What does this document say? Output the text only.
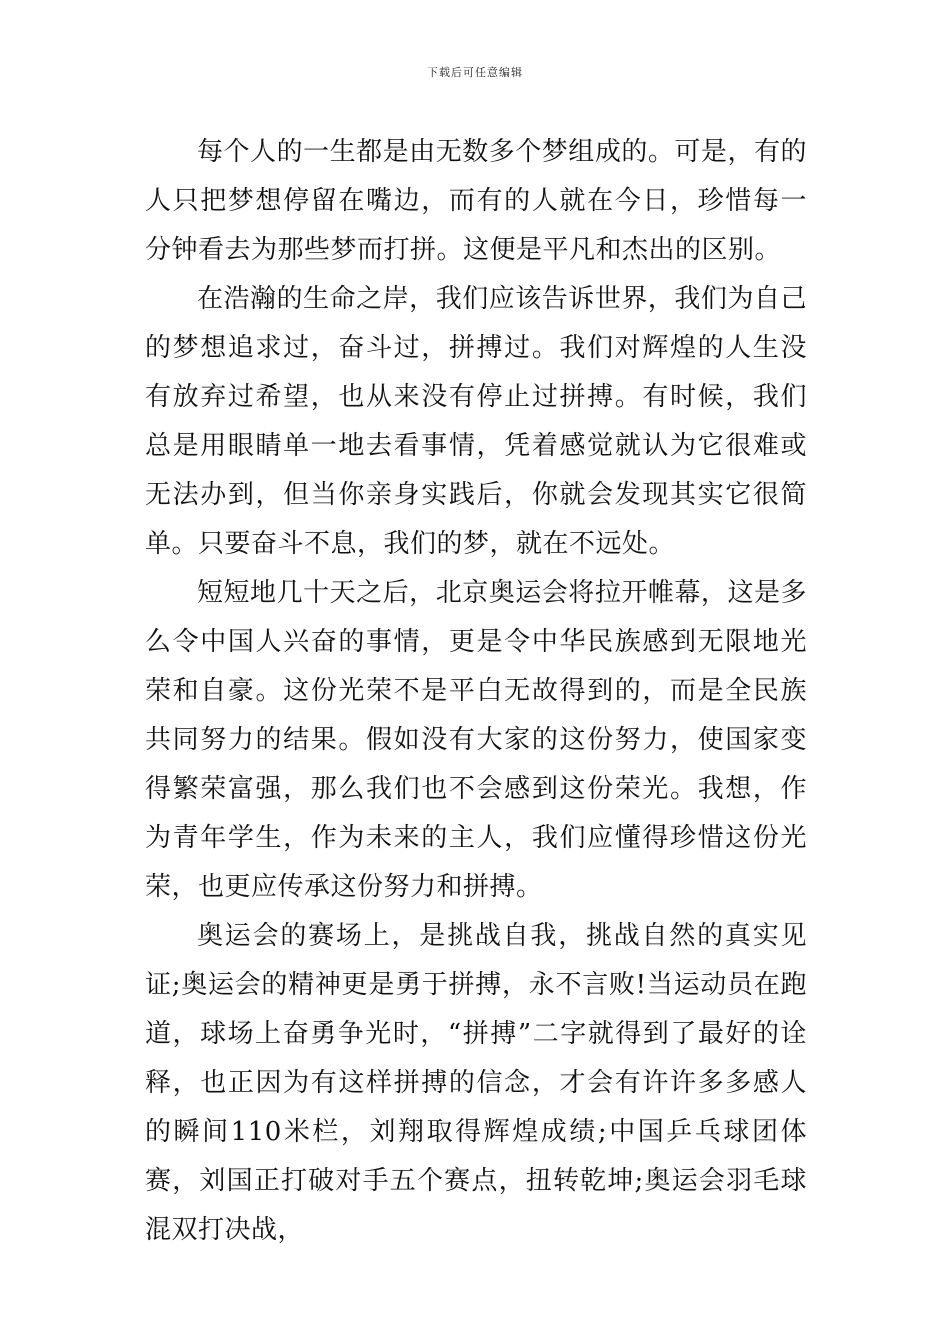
下载后可任意编辑

每个人的一生都是由无数多个梦组成的。可是，有的人只把梦想停留在嘴边，而有的人就在今日，珍惜每一分钟看去为那些梦而打拼。这便是平凡和杰出的区别。

在浩瀚的生命之岸，我们应该告诉世界，我们为自己的梦想追求过，奋斗过，拼搏过。我们对辉煌的人生没有放弃过希望，也从来没有停止过拼搏。有时候，我们总是用眼睛单一地去看事情，凭着感觉就认为它很难或无法办到，但当你亲身实践后，你就会发现其实它很简单。只要奋斗不息，我们的梦，就在不远处。

短短地几十天之后，北京奥运会将拉开帷幕，这是多么令中国人兴奋的事情，更是令中华民族感到无限地光荣和自豪。这份光荣不是平白无故得到的，而是全民族共同努力的结果。假如没有大家的这份努力，使国家变得繁荣富强，那么我们也不会感到这份荣光。我想，作为青年学生，作为未来的主人，我们应懂得珍惜这份光荣，也更应传承这份努力和拼搏。

奥运会的赛场上，是挑战自我，挑战自然的真实见证;奥运会的精神更是勇于拼搏，永不言败!当运动员在跑道，球场上奋勇争光时，“拼搏”二字就得到了最好的诠释，也正因为有这样拼搏的信念，才会有许许多多感人的瞬间110米栏，刘翔取得辉煌成绩;中国乒乓球团体赛，刘国正打破对手五个赛点，扭转乾坤;奥运会羽毛球混双打决战，
